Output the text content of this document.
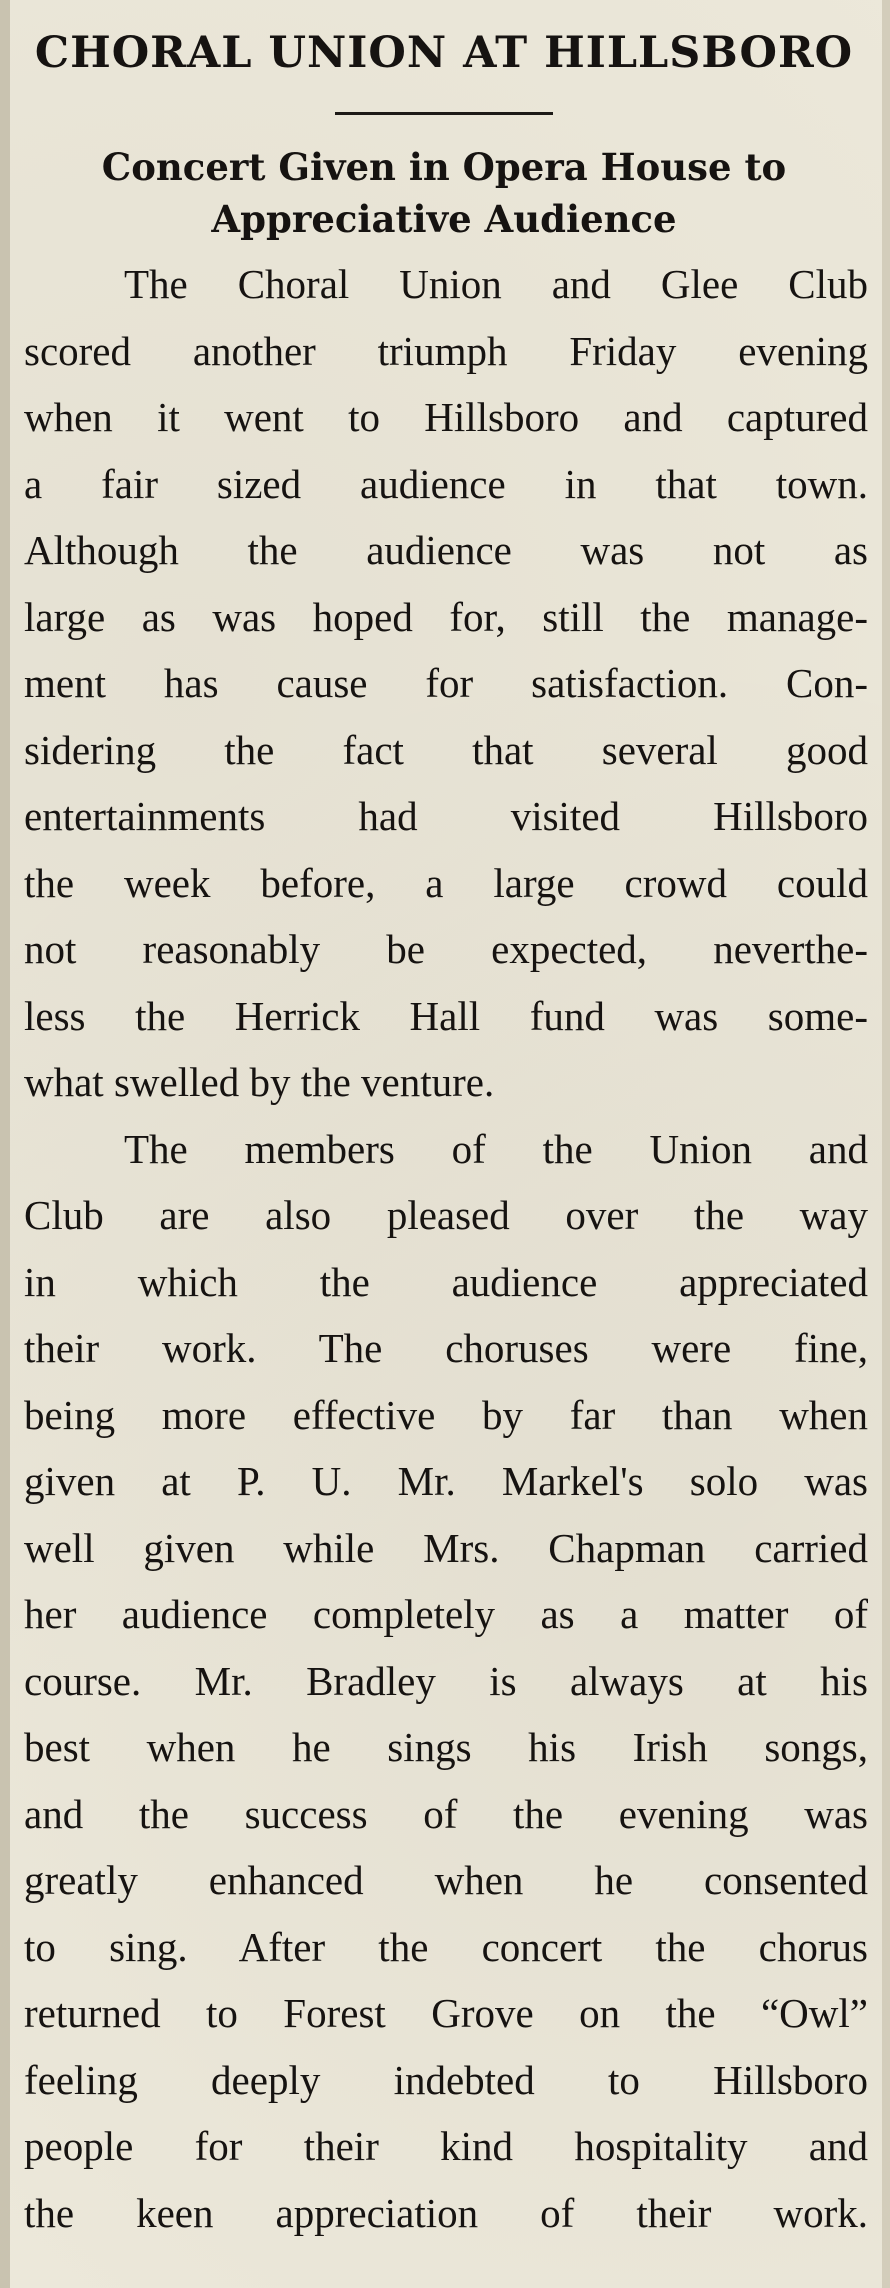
CHORAL UNION AT HILLSBORO
Concert Given in Opera House to
Appreciative Audience
The Choral Union and Glee Club
scored another triumph Friday evening
when it went to Hillsboro and captured
a fair sized audience in that town.
Although the audience was not as
large as was hoped for, still the manage-
ment has cause for satisfaction. Con-
sidering the fact that several good
entertainments had visited Hillsboro
the week before, a large crowd could
not reasonably be expected, neverthe-
less the Herrick Hall fund was some-
what swelled by the venture.
The members of the Union and
Club are also pleased over the way
in which the audience appreciated
their work. The choruses were fine,
being more effective by far than when
given at P. U. Mr. Markel's solo was
well given while Mrs. Chapman carried
her audience completely as a matter of
course. Mr. Bradley is always at his
best when he sings his Irish songs,
and the success of the evening was
greatly enhanced when he consented
to sing. After the concert the chorus
returned to Forest Grove on the “Owl”
feeling deeply indebted to Hillsboro
people for their kind hospitality and
the keen appreciation of their work.
